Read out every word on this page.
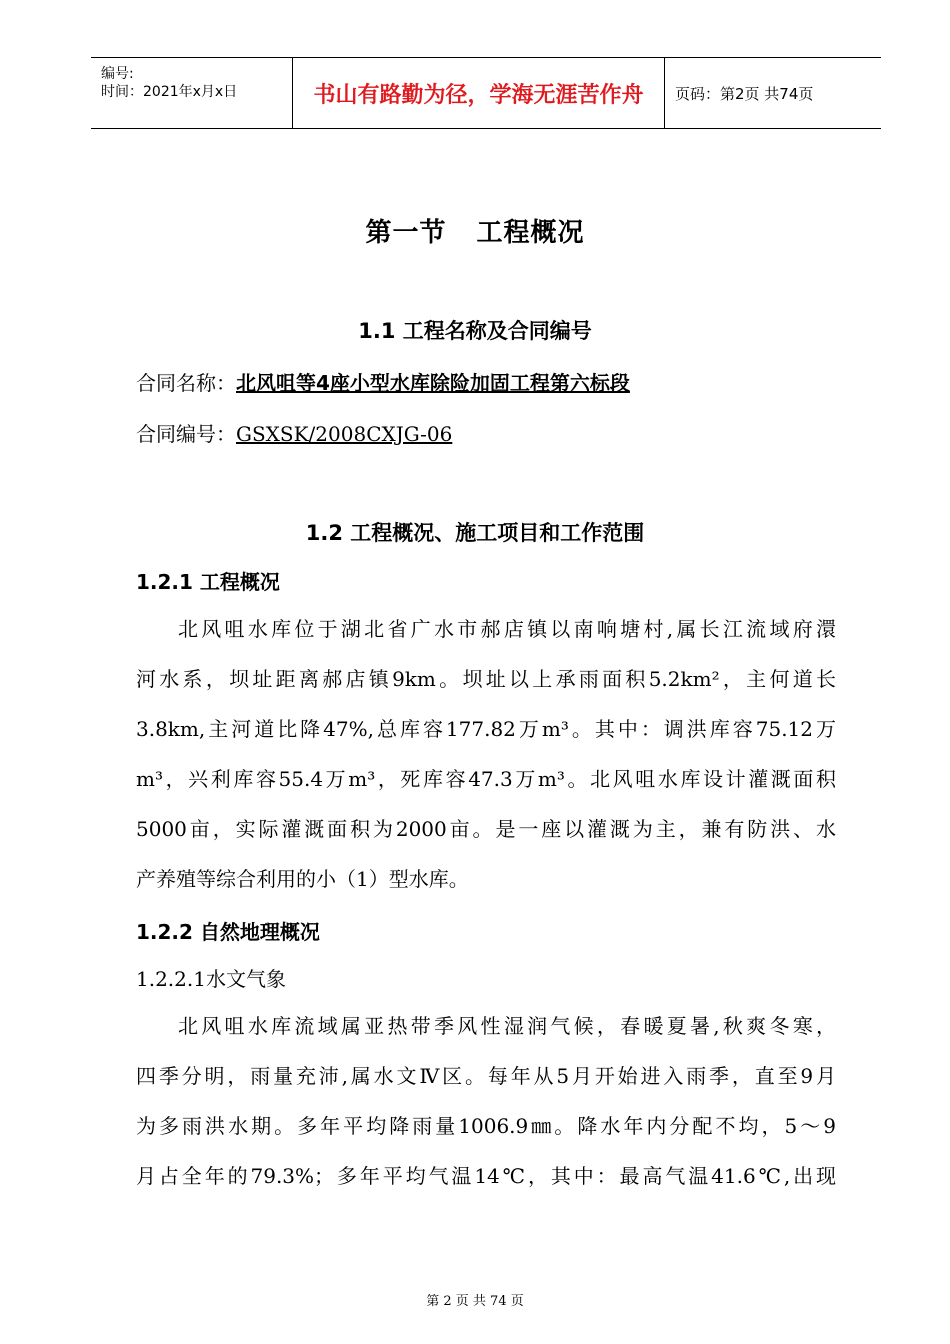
编号:
时间：2021年x月x日	书山有路勤为径，学海无涯苦作舟 页码：第2页 共74页
第一节 工程概况
1.1 工程名称及合同编号
合同名称：北风咀等4座小型水库除险加固工程第六标段
合同编号：GSXSK/2008CXJG-06
1.2 工程概况、施工项目和工作范围
1.2.1 工程概况
北风咀水库位于湖北省广水市郝店镇以南响塘村,属长江流域府澴
河水系，坝址距离郝店镇9km。坝址以上承雨面积5.2km²，主何道长
3.8km,主河道比降47%,总库容177.82万m³。其中：调洪库容75.12万
m³，兴利库容55.4万m³，死库容47.3万m³。北风咀水库设计灌溉面积
5000亩，实际灌溉面积为2000亩。是一座以灌溉为主，兼有防洪、水
产养殖等综合利用的小（1）型水库。
1.2.2 自然地理概况
1.2.2.1水文气象
北风咀水库流域属亚热带季风性湿润气候，春暖夏暑,秋爽冬寒，
四季分明，雨量充沛,属水文Ⅳ区。每年从5月开始进入雨季，直至9月
为多雨洪水期。多年平均降雨量1006.9㎜。降水年内分配不均，5～9
月占全年的79.3%；多年平均气温14℃，其中：最高气温41.6℃,出现
第 2 页 共 74 页
